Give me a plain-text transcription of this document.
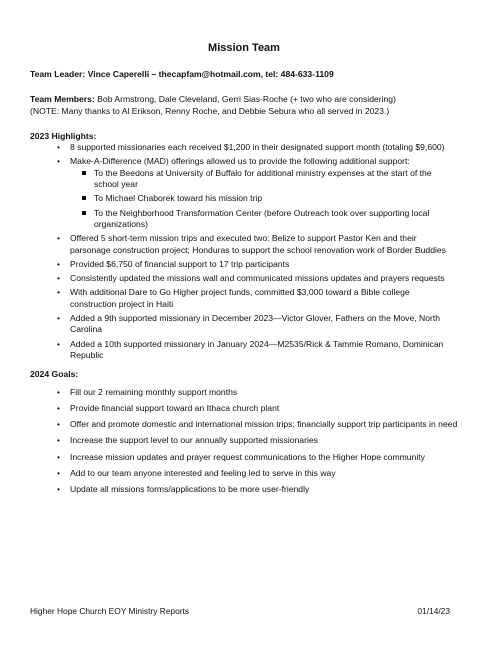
Mission Team
Team Leader: Vince Caperelli – thecapfam@hotmail.com, tel: 484-633-1109
Team Members: Bob Armstrong, Dale Cleveland, Gerri Sias-Roche (+ two who are considering)
(NOTE: Many thanks to Al Erikson, Renny Roche, and Debbie Sebura who all served in 2023.)
2023 Highlights:
• 8 supported missionaries each received $1,200 in their designated support month (totaling $9,600)
• Make-A-Difference (MAD) offerings allowed us to provide the following additional support:
To the Beedons at University of Buffalo for additional ministry expenses at the start of the school year
To Michael Chaborek toward his mission trip
To the Neighborhood Transformation Center (before Outreach took over supporting local organizations)
• Offered 5 short-term mission trips and executed two: Belize to support Pastor Ken and their parsonage construction project; Honduras to support the school renovation work of Border Buddies
• Provided $6,750 of financial support to 17 trip participants
• Consistently updated the missions wall and communicated missions updates and prayers requests
• With additional Dare to Go Higher project funds, committed $3,000 toward a Bible college construction project in Haiti
• Added a 9th supported missionary in December 2023—Victor Glover, Fathers on the Move, North Carolina
• Added a 10th supported missionary in January 2024—M2535/Rick & Tammie Romano, Dominican Republic
2024 Goals:
• Fill our 2 remaining monthly support months
• Provide financial support toward an Ithaca church plant
• Offer and promote domestic and international mission trips; financially support trip participants in need
• Increase the support level to our annually supported missionaries
• Increase mission updates and prayer request communications to the Higher Hope community
• Add to our team anyone interested and feeling led to serve in this way
• Update all missions forms/applications to be more user-friendly
Higher Hope Church EOY Ministry Reports	01/14/23
